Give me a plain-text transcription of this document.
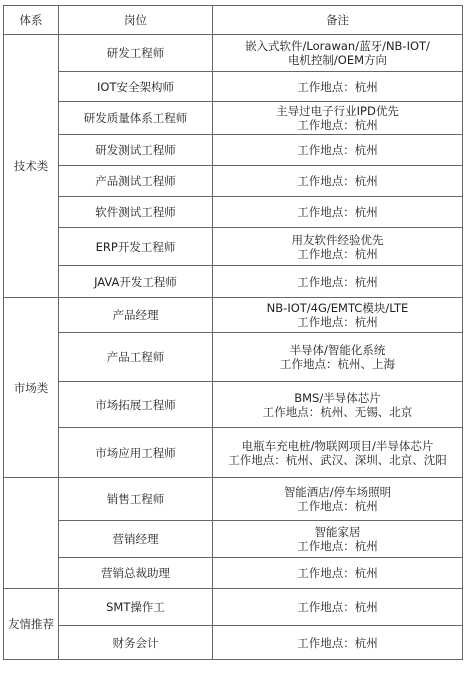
体系	岗位	备注
技术类	研发工程师	嵌入式软件/Lorawan/蓝牙/NB-IOT/
电机控制/OEM方向

	IOT安全架构师	工作地点：杭州

	研发质量体系工程师	主导过电子行业IPD优先
工作地点：杭州

	研发测试工程师	工作地点：杭州

	产品测试工程师	工作地点：杭州

	软件测试工程师	工作地点：杭州

	ERP开发工程师	用友软件经验优先
工作地点：杭州

	JAVA开发工程师	工作地点：杭州

市场类	产品经理	NB-IOT/4G/EMTC模块/LTE
工作地点：杭州

	产品工程师	半导体/智能化系统
工作地点：杭州、上海

	市场拓展工程师	BMS/半导体芯片
工作地点：杭州、无锡、北京

	市场应用工程师	电瓶车充电桩/物联网项目/半导体芯片
工作地点：杭州、武汉、深圳、北京、沈阳

	销售工程师	智能酒店/停车场照明
工作地点：杭州

	营销经理	智能家居
工作地点：杭州

	营销总裁助理	工作地点：杭州

友情推荐	SMT操作工	工作地点：杭州

	财务会计	工作地点：杭州
